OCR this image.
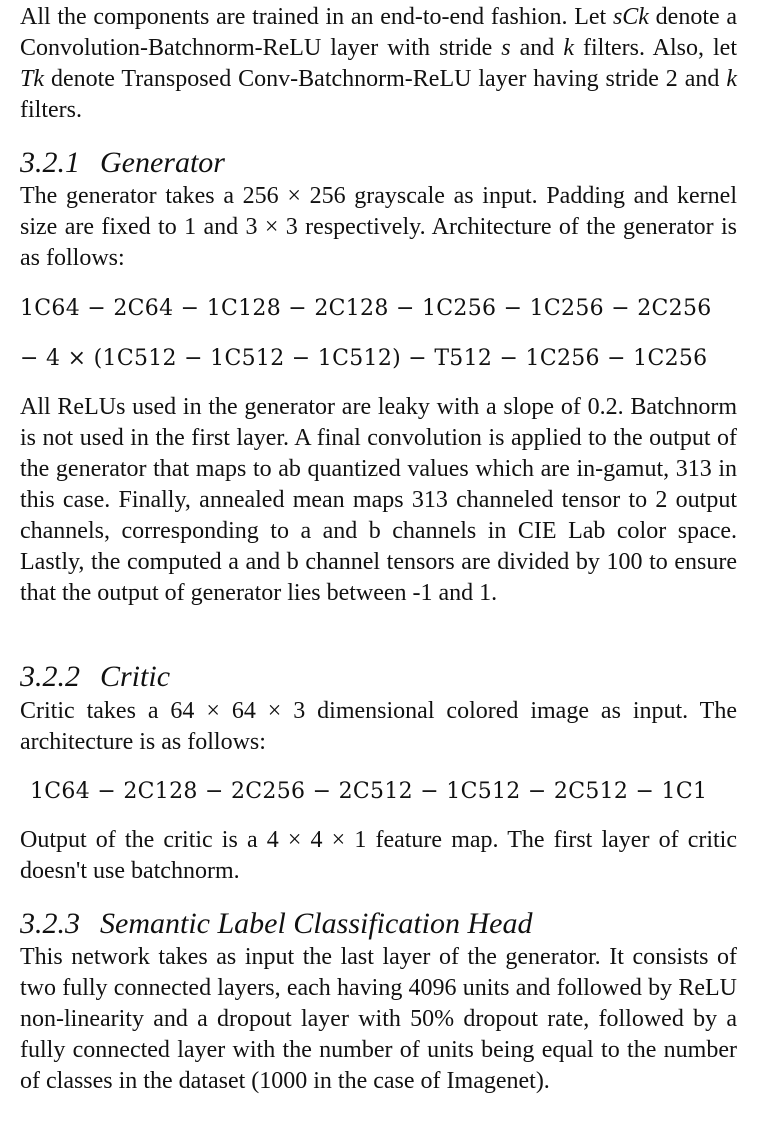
All the components are trained in an end-to-end fashion. Let sCk denote a Convolution-Batchnorm-ReLU layer with stride s and k filters. Also, let Tk denote Transposed Conv-Batchnorm-ReLU layer having stride 2 and k filters.

3.2.1 Generator

The generator takes a 256 × 256 grayscale as input. Padding and kernel size are fixed to 1 and 3 × 3 respectively. Architecture of the generator is as follows:

1C64 − 2C64 − 1C128 − 2C128 − 1C256 − 1C256 − 2C256
− 4 × (1C512 − 1C512 − 1C512) − T512 − 1C256 − 1C256

All ReLUs used in the generator are leaky with a slope of 0.2. Batchnorm is not used in the first layer. A final convolution is applied to the output of the generator that maps to ab quantized values which are in-gamut, 313 in this case. Finally, annealed mean maps 313 channeled tensor to 2 output channels, corresponding to a and b channels in CIE Lab color space. Lastly, the computed a and b channel tensors are divided by 100 to ensure that the output of generator lies between -1 and 1.

3.2.2 Critic

Critic takes a 64 × 64 × 3 dimensional colored image as input. The architecture is as follows:

1C64 − 2C128 − 2C256 − 2C512 − 1C512 − 2C512 − 1C1

Output of the critic is a 4 × 4 × 1 feature map. The first layer of critic doesn't use batchnorm.

3.2.3 Semantic Label Classification Head

This network takes as input the last layer of the generator. It consists of two fully connected layers, each having 4096 units and followed by ReLU non-linearity and a dropout layer with 50% dropout rate, followed by a fully connected layer with the number of units being equal to the number of classes in the dataset (1000 in the case of Imagenet).
